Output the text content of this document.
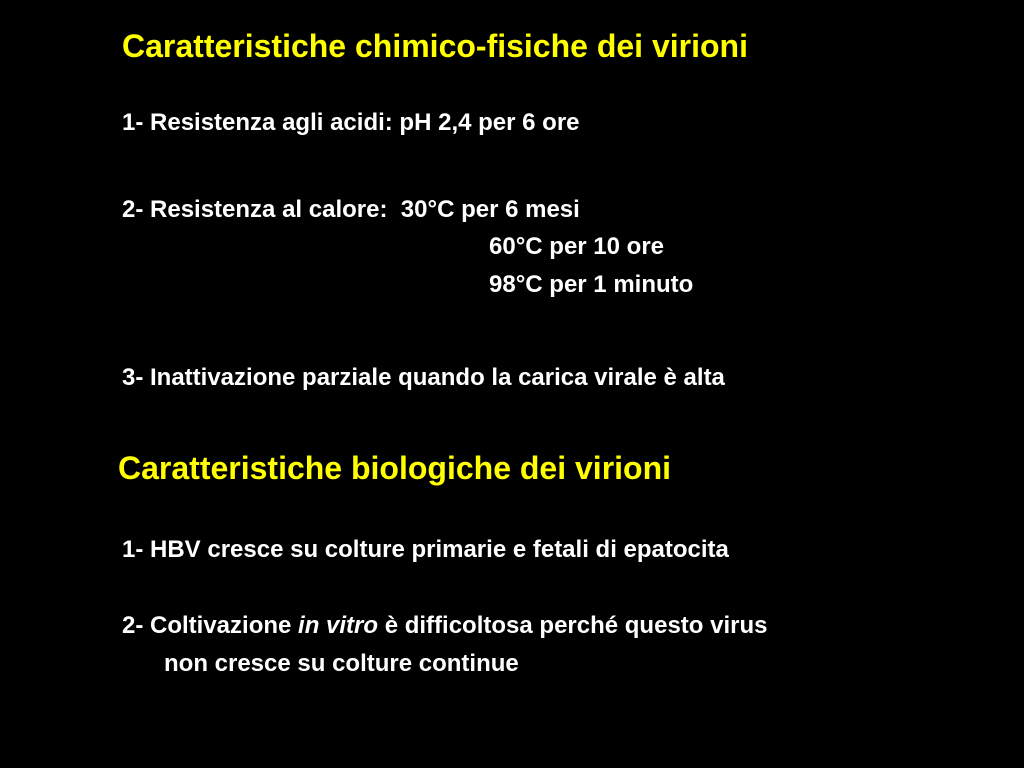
Caratteristiche chimico-fisiche dei virioni
1- Resistenza agli acidi: pH 2,4 per 6 ore
2- Resistenza al calore: 30°C per 6 mesi
60°C per 10 ore
98°C per 1 minuto
3- Inattivazione parziale quando la carica virale è alta
Caratteristiche biologiche dei virioni
1- HBV cresce su colture primarie e fetali di epatocita
2- Coltivazione in vitro è difficoltosa perché questo virus
non cresce su colture continue
